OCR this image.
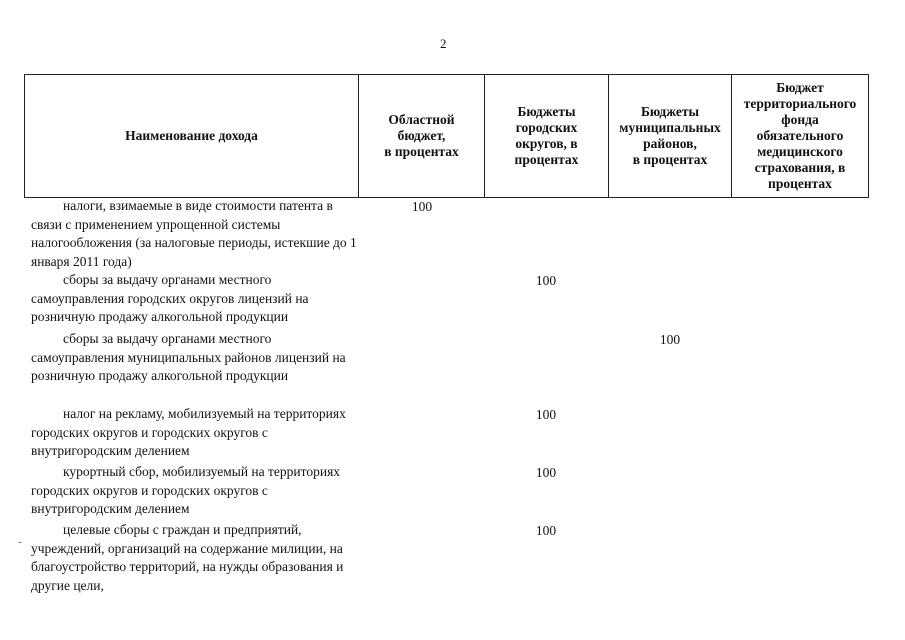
2
Наименование дохода
Областной
бюджет,
в процентах
Бюджеты
городских
округов, в
процентах
Бюджеты
муниципальных
районов,
в процентах
Бюджет
территориального
фонда
обязательного
медицинского
страхования, в
процентах
налоги, взимаемые в виде стоимости патента в связи с применением упрощенной системы налогообложения (за налоговые периоды, истекшие до 1 января 2011 года)
100
сборы за выдачу органами местного самоуправления городских округов лицензий на розничную продажу алкогольной продукции
100
сборы за выдачу органами местного самоуправления муниципальных районов лицензий на розничную продажу алкогольной продукции
100
налог на рекламу, мобилизуемый на территориях городских округов и городских округов с внутригородским делением
100
курортный сбор, мобилизуемый на территориях городских округов и городских округов с внутригородским делением
100
целевые сборы с граждан и предприятий, учреждений, организаций на содержание милиции, на благоустройство территорий, на нужды образования и другие цели,
100
˘
